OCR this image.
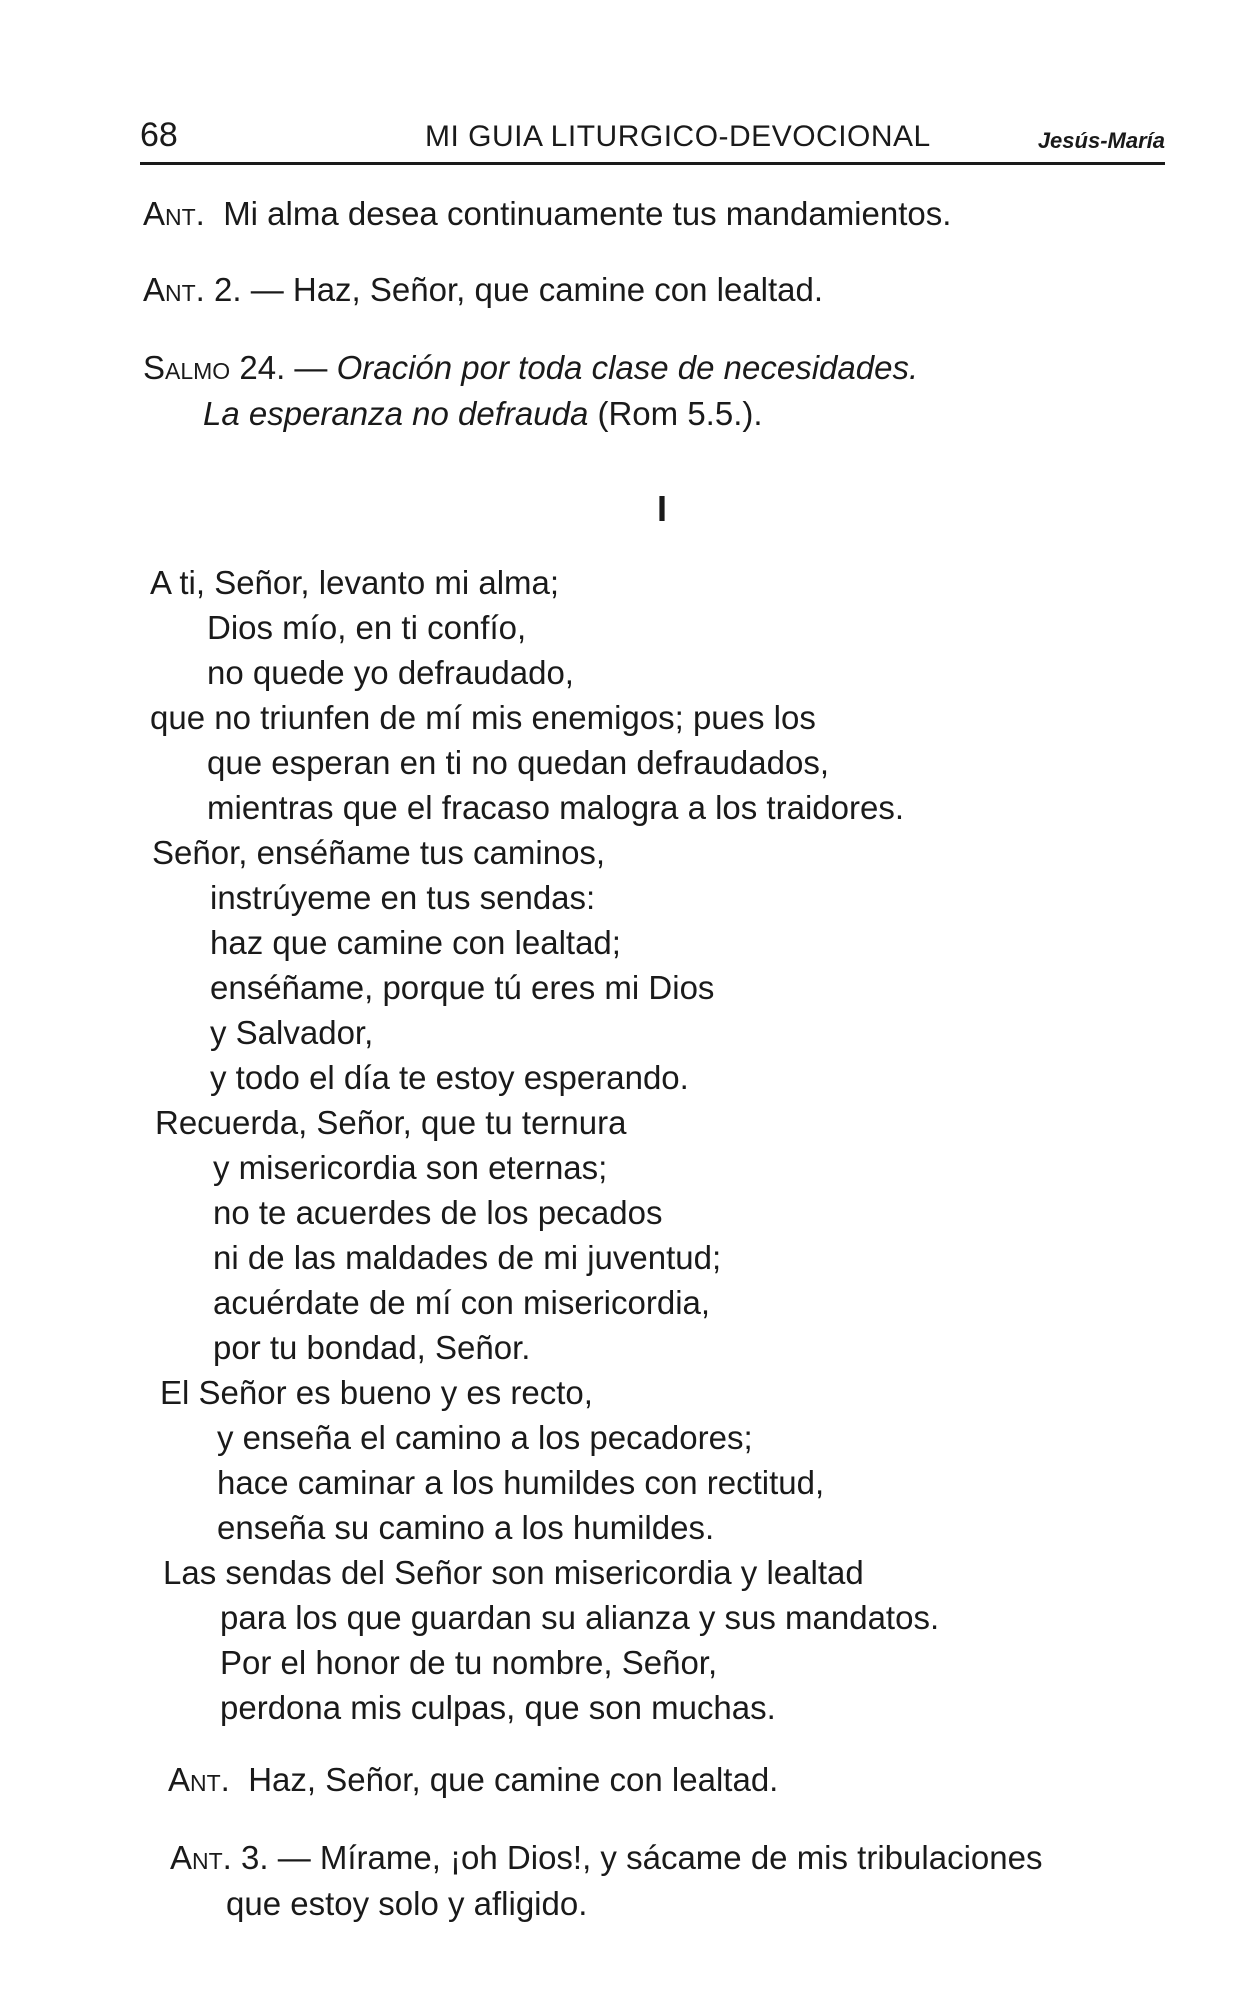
68	MI GUIA LITURGICO-DEVOCIONAL	Jesús-María
Ant. Mi alma desea continuamente tus mandamientos.
Ant. 2. — Haz, Señor, que camine con lealtad.
Salmo 24. — Oración por toda clase de necesidades.
La esperanza no defrauda (Rom 5.5.).
I
A ti, Señor, levanto mi alma;
Dios mío, en ti confío,
no quede yo defraudado,
que no triunfen de mí mis enemigos; pues los
que esperan en ti no quedan defraudados,
mientras que el fracaso malogra a los traidores.
Señor, enséñame tus caminos,
instrúyeme en tus sendas:
haz que camine con lealtad;
enséñame, porque tú eres mi Dios
y Salvador,
y todo el día te estoy esperando.
Recuerda, Señor, que tu ternura
y misericordia son eternas;
no te acuerdes de los pecados
ni de las maldades de mi juventud;
acuérdate de mí con misericordia,
por tu bondad, Señor.
El Señor es bueno y es recto,
y enseña el camino a los pecadores;
hace caminar a los humildes con rectitud,
enseña su camino a los humildes.
Las sendas del Señor son misericordia y lealtad
para los que guardan su alianza y sus mandatos.
Por el honor de tu nombre, Señor,
perdona mis culpas, que son muchas.
Ant. Haz, Señor, que camine con lealtad.
Ant. 3. — Mírame, ¡oh Dios!, y sácame de mis tribulaciones
que estoy solo y afligido.
